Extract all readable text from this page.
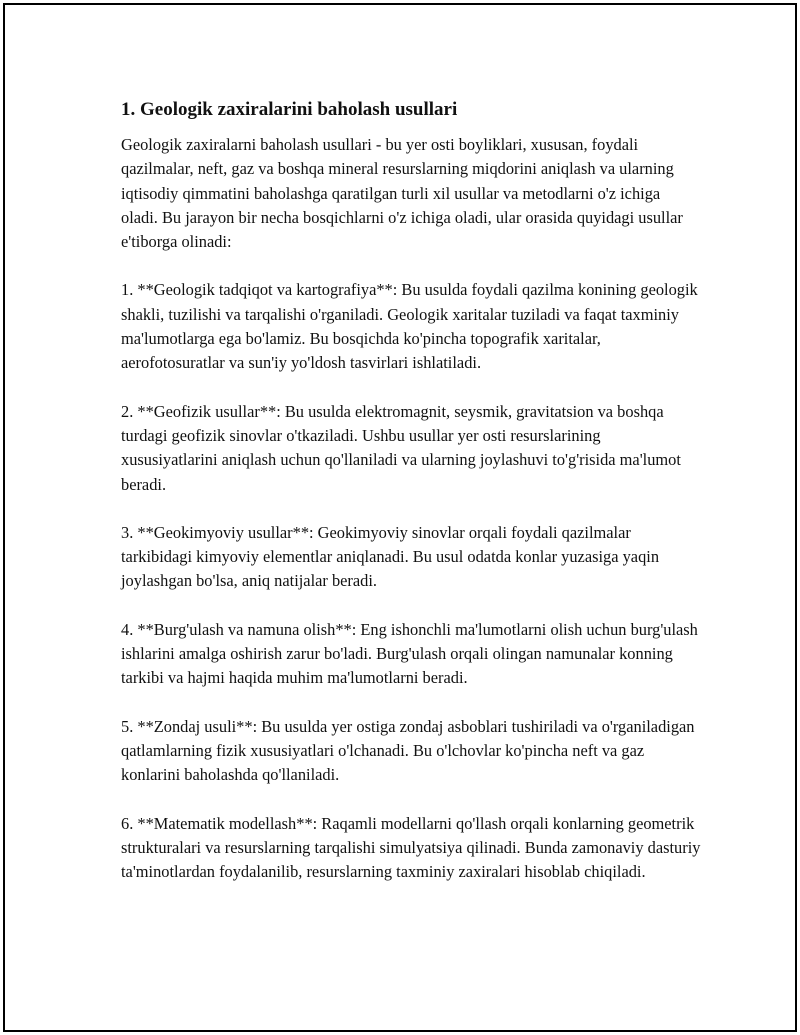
1. Geologik zaxiralarini baholash usullari

Geologik zaxiralarni baholash usullari - bu yer osti boyliklari, xususan, foydali qazilmalar, neft, gaz va boshqa mineral resurslarning miqdorini aniqlash va ularning iqtisodiy qimmatini baholashga qaratilgan turli xil usullar va metodlarni o'z ichiga oladi. Bu jarayon bir necha bosqichlarni o'z ichiga oladi, ular orasida quyidagi usullar e'tiborga olinadi:

1. **Geologik tadqiqot va kartografiya**: Bu usulda foydali qazilma konining geologik shakli, tuzilishi va tarqalishi o'rganiladi. Geologik xaritalar tuziladi va faqat taxminiy ma'lumotlarga ega bo'lamiz. Bu bosqichda ko'pincha topografik xaritalar, aerofotosuratlar va sun'iy yo'ldosh tasvirlari ishlatiladi.

2. **Geofizik usullar**: Bu usulda elektromagnit, seysmik, gravitatsion va boshqa turdagi geofizik sinovlar o'tkaziladi. Ushbu usullar yer osti resurslarining xususiyatlarini aniqlash uchun qo'llaniladi va ularning joylashuvi to'g'risida ma'lumot beradi.

3. **Geokimyoviy usullar**: Geokimyoviy sinovlar orqali foydali qazilmalar tarkibidagi kimyoviy elementlar aniqlanadi. Bu usul odatda konlar yuzasiga yaqin joylashgan bo'lsa, aniq natijalar beradi.

4. **Burg'ulash va namuna olish**: Eng ishonchli ma'lumotlarni olish uchun burg'ulash ishlarini amalga oshirish zarur bo'ladi. Burg'ulash orqali olingan namunalar konning tarkibi va hajmi haqida muhim ma'lumotlarni beradi.

5. **Zondaj usuli**: Bu usulda yer ostiga zondaj asboblari tushiriladi va o'rganiladigan qatlamlarning fizik xususiyatlari o'lchanadi. Bu o'lchovlar ko'pincha neft va gaz konlarini baholashda qo'llaniladi.

6. **Matematik modellash**: Raqamli modellarni qo'llash orqali konlarning geometrik strukturalari va resurslarning tarqalishi simulyatsiya qilinadi. Bunda zamonaviy dasturiy ta'minotlardan foydalanilib, resurslarning taxminiy zaxiralari hisoblab chiqiladi.
